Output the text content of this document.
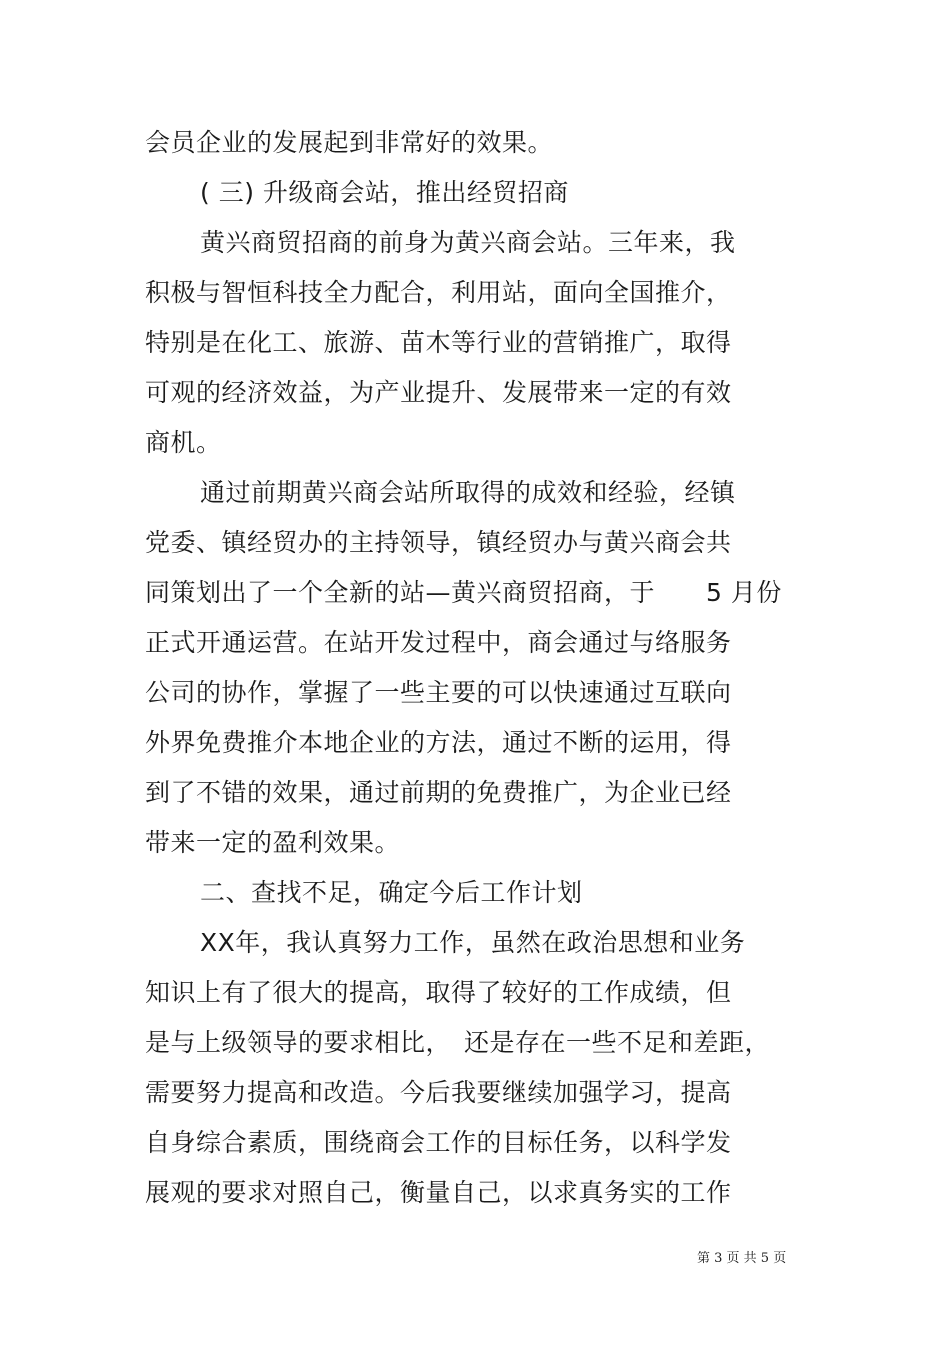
会员企业的发展起到非常好的效果。
( 三) 升级商会站，推出经贸招商
黄兴商贸招商的前身为黄兴商会站。三年来，我
积极与智恒科技全力配合，利用站，面向全国推介，
特别是在化工、旅游、苗木等行业的营销推广，取得
可观的经济效益，为产业提升、发展带来一定的有效
商机。
通过前期黄兴商会站所取得的成效和经验，经镇
党委、镇经贸办的主持领导，镇经贸办与黄兴商会共
同策划出了一个全新的站—黄兴商贸招商，于　　5 月份
正式开通运营。在站开发过程中，商会通过与络服务
公司的协作，掌握了一些主要的可以快速通过互联向
外界免费推介本地企业的方法，通过不断的运用，得
到了不错的效果，通过前期的免费推广，为企业已经
带来一定的盈利效果。
二、查找不足，确定今后工作计划
XX年，我认真努力工作，虽然在政治思想和业务
知识上有了很大的提高，取得了较好的工作成绩，但
是与上级领导的要求相比，　还是存在一些不足和差距，
需要努力提高和改造。今后我要继续加强学习，提高
自身综合素质，围绕商会工作的目标任务，以科学发
展观的要求对照自己，衡量自己，以求真务实的工作
第 3 页 共 5 页
